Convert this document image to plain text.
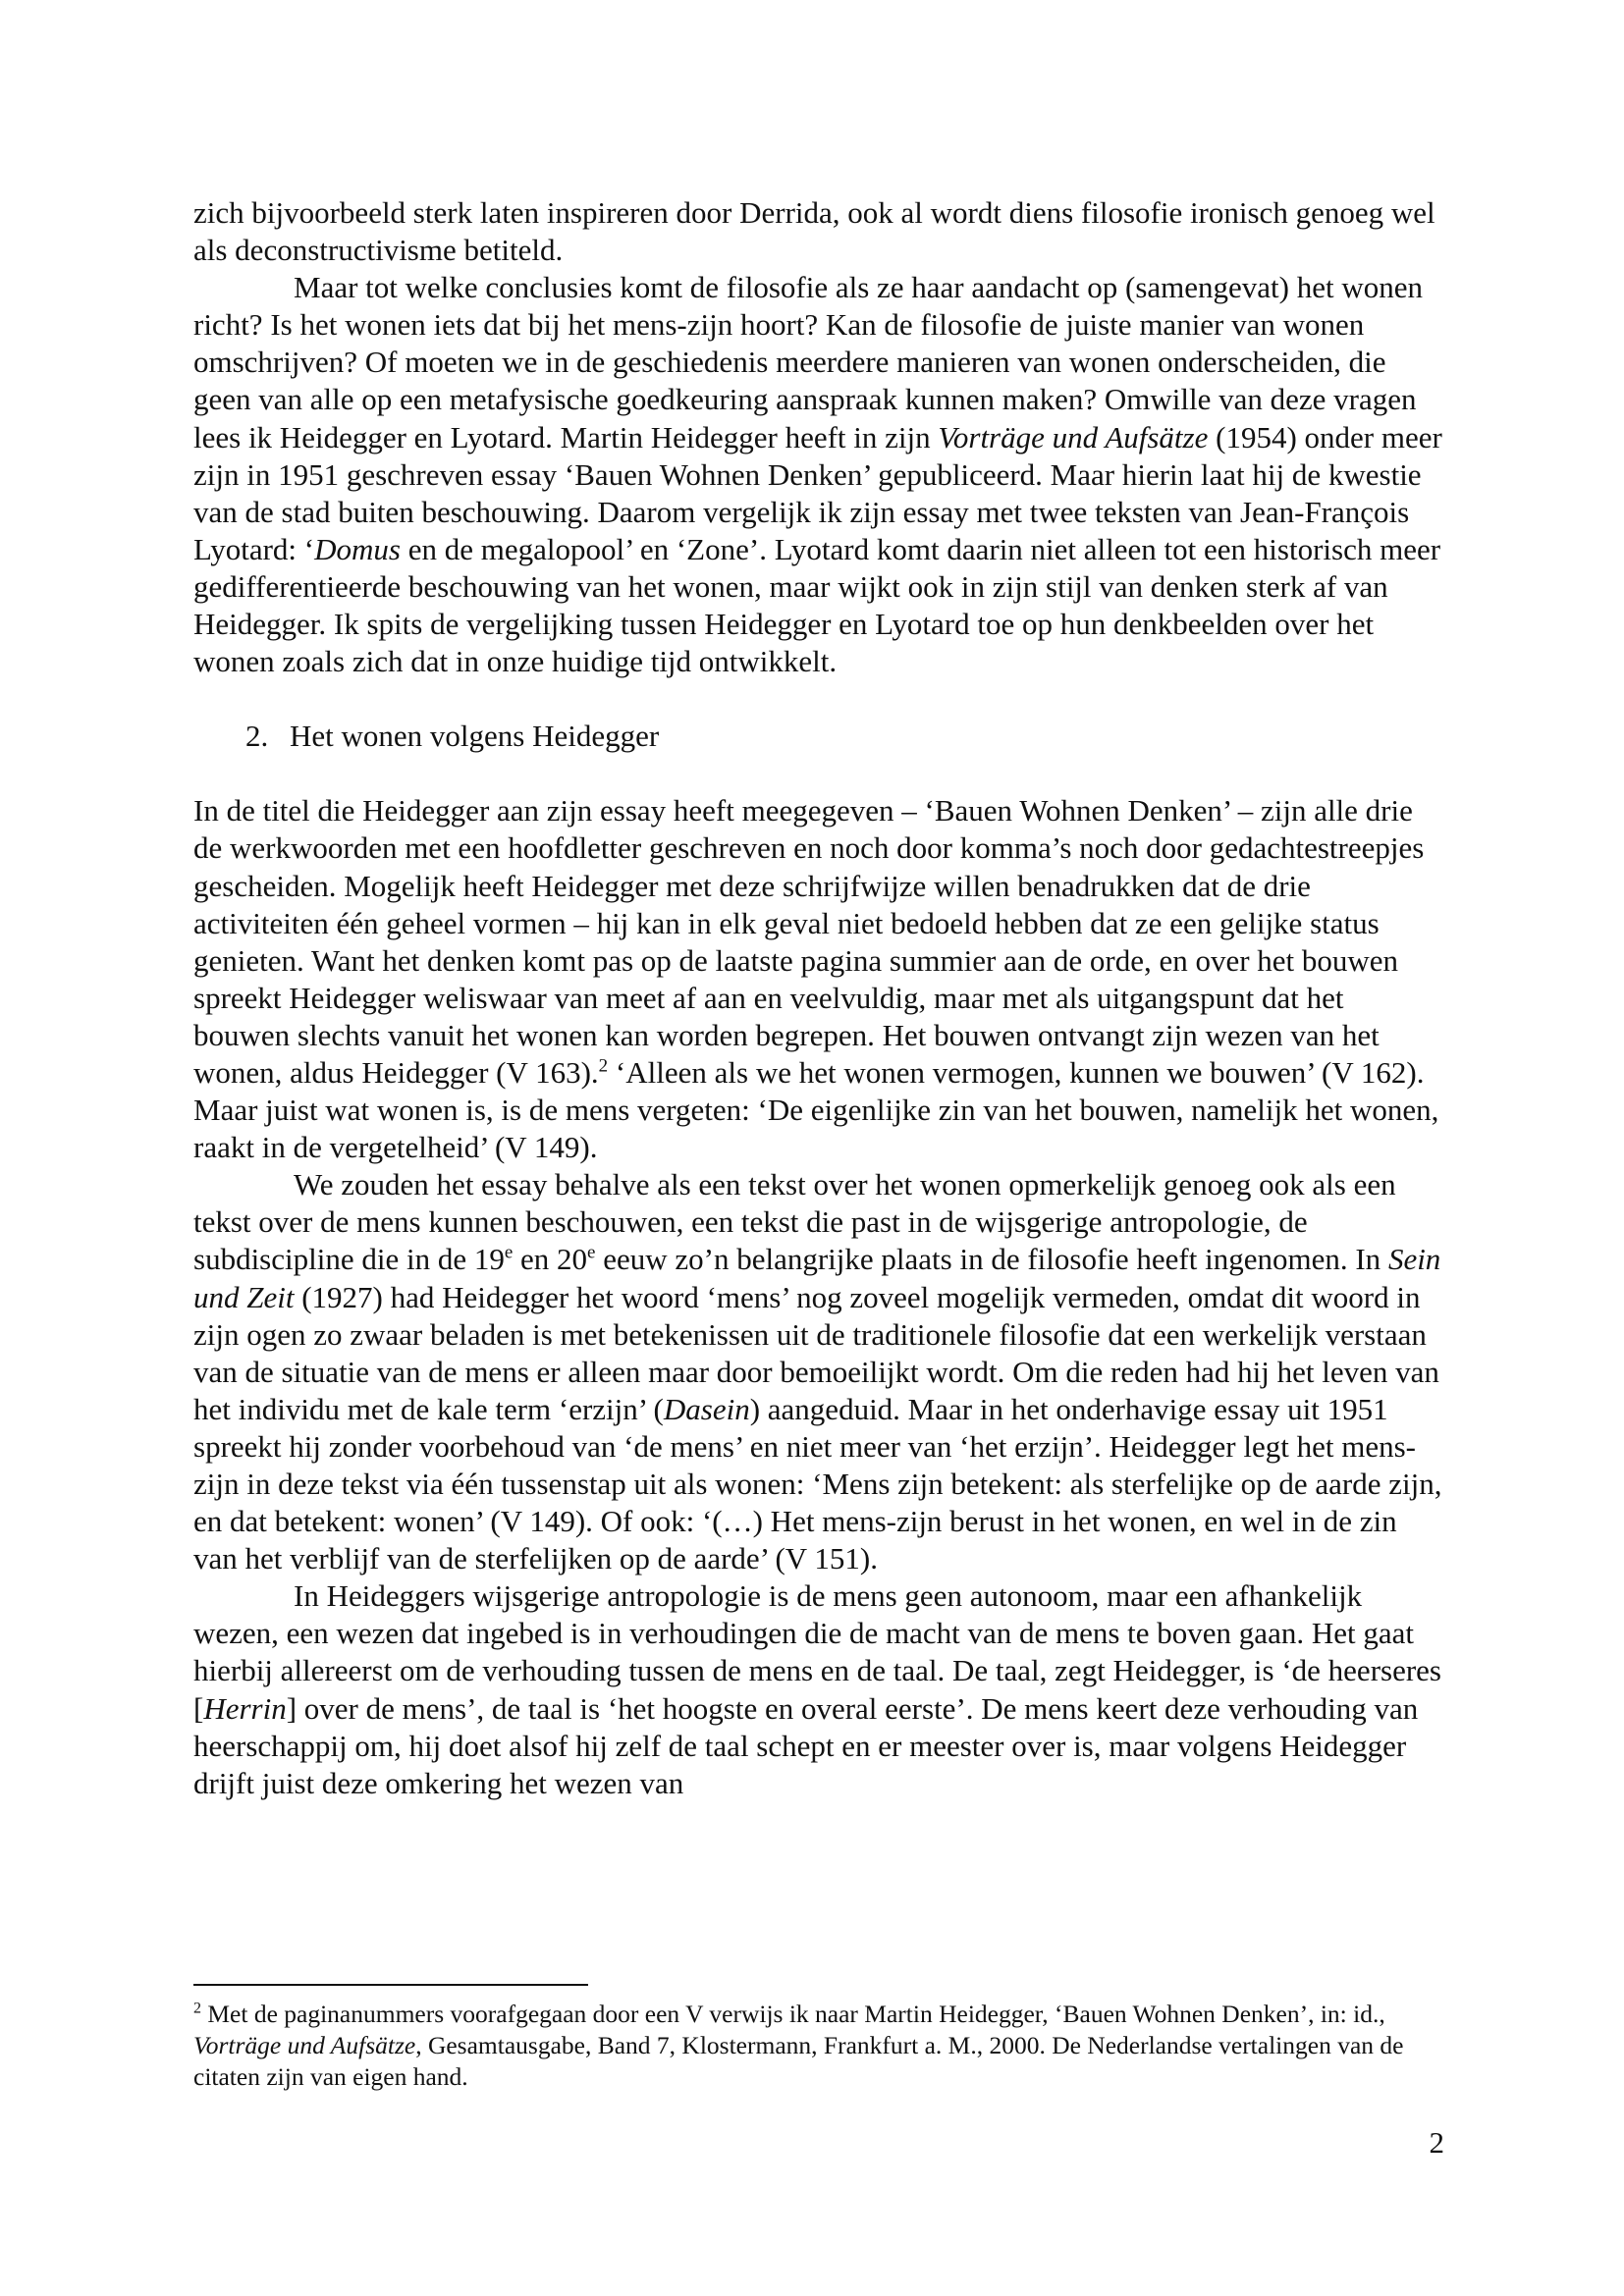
zich bijvoorbeeld sterk laten inspireren door Derrida, ook al wordt diens filosofie ironisch genoeg wel als deconstructivisme betiteld.

Maar tot welke conclusies komt de filosofie als ze haar aandacht op (samengevat) het wonen richt? Is het wonen iets dat bij het mens-zijn hoort? Kan de filosofie de juiste manier van wonen omschrijven? Of moeten we in de geschiedenis meerdere manieren van wonen onderscheiden, die geen van alle op een metafysische goedkeuring aanspraak kunnen maken? Omwille van deze vragen lees ik Heidegger en Lyotard. Martin Heidegger heeft in zijn Vorträge und Aufsätze (1954) onder meer zijn in 1951 geschreven essay ‘Bauen Wohnen Denken’ gepubliceerd. Maar hierin laat hij de kwestie van de stad buiten beschouwing. Daarom vergelijk ik zijn essay met twee teksten van Jean-François Lyotard: ‘Domus en de megalopool’ en ‘Zone’. Lyotard komt daarin niet alleen tot een historisch meer gedifferentieerde beschouwing van het wonen, maar wijkt ook in zijn stijl van denken sterk af van Heidegger. Ik spits de vergelijking tussen Heidegger en Lyotard toe op hun denkbeelden over het wonen zoals zich dat in onze huidige tijd ontwikkelt.

2. Het wonen volgens Heidegger

In de titel die Heidegger aan zijn essay heeft meegegeven – ‘Bauen Wohnen Denken’ – zijn alle drie de werkwoorden met een hoofdletter geschreven en noch door komma’s noch door gedachtestreepjes gescheiden. Mogelijk heeft Heidegger met deze schrijfwijze willen benadrukken dat de drie activiteiten één geheel vormen – hij kan in elk geval niet bedoeld hebben dat ze een gelijke status genieten. Want het denken komt pas op de laatste pagina summier aan de orde, en over het bouwen spreekt Heidegger weliswaar van meet af aan en veelvuldig, maar met als uitgangspunt dat het bouwen slechts vanuit het wonen kan worden begrepen. Het bouwen ontvangt zijn wezen van het wonen, aldus Heidegger (V 163).$^2$ ‘Alleen als we het wonen vermogen, kunnen we bouwen’ (V 162). Maar juist wat wonen is, is de mens vergeten: ‘De eigenlijke zin van het bouwen, namelijk het wonen, raakt in de vergetelheid’ (V 149).

We zouden het essay behalve als een tekst over het wonen opmerkelijk genoeg ook als een tekst over de mens kunnen beschouwen, een tekst die past in de wijsgerige antropologie, de subdiscipline die in de 19e en 20e eeuw zo’n belangrijke plaats in de filosofie heeft ingenomen. In Sein und Zeit (1927) had Heidegger het woord ‘mens’ nog zoveel mogelijk vermeden, omdat dit woord in zijn ogen zo zwaar beladen is met betekenissen uit de traditionele filosofie dat een werkelijk verstaan van de situatie van de mens er alleen maar door bemoeilijkt wordt. Om die reden had hij het leven van het individu met de kale term ‘erzijn’ (Dasein) aangeduid. Maar in het onderhavige essay uit 1951 spreekt hij zonder voorbehoud van ‘de mens’ en niet meer van ‘het erzijn’. Heidegger legt het mens-zijn in deze tekst via één tussenstap uit als wonen: ‘Mens zijn betekent: als sterfelijke op de aarde zijn, en dat betekent: wonen’ (V 149). Of ook: ‘(…) Het mens-zijn berust in het wonen, en wel in de zin van het verblijf van de sterfelijken op de aarde’ (V 151).

In Heideggers wijsgerige antropologie is de mens geen autonoom, maar een afhankelijk wezen, een wezen dat ingebed is in verhoudingen die de macht van de mens te boven gaan. Het gaat hierbij allereerst om de verhouding tussen de mens en de taal. De taal, zegt Heidegger, is ‘de heerseres [Herrin] over de mens’, de taal is ‘het hoogste en overal eerste’. De mens keert deze verhouding van heerschappij om, hij doet alsof hij zelf de taal schept en er meester over is, maar volgens Heidegger drijft juist deze omkering het wezen van

$^2$ Met de paginanummers voorafgegaan door een V verwijs ik naar Martin Heidegger, ‘Bauen Wohnen Denken’, in: id., Vorträge und Aufsätze, Gesamtausgabe, Band 7, Klostermann, Frankfurt a. M., 2000. De Nederlandse vertalingen van de citaten zijn van eigen hand.
2
